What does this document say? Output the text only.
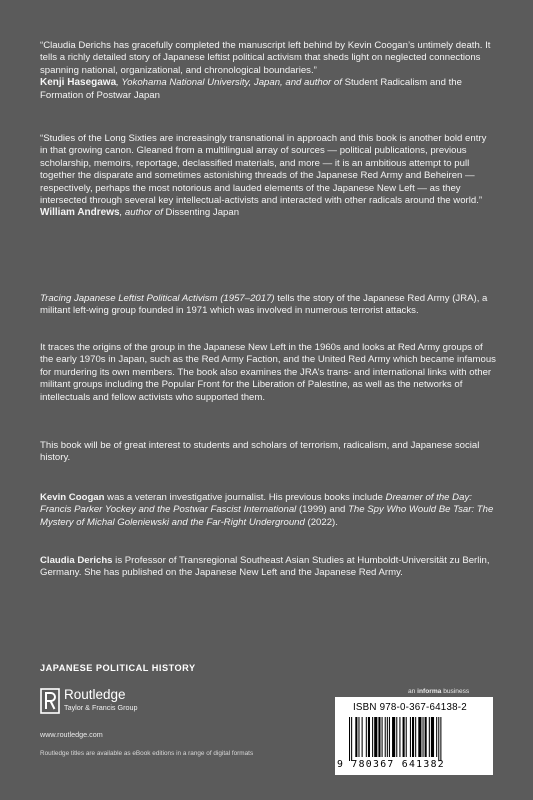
“Claudia Derichs has gracefully completed the manuscript left behind by Kevin Coogan’s untimely death. It tells a richly detailed story of Japanese leftist political activism that sheds light on neglected connections spanning national, organizational, and chronological boundaries.”
Kenji Hasegawa, Yokohama National University, Japan, and author of Student Radicalism and the Formation of Postwar Japan
“Studies of the Long Sixties are increasingly transnational in approach and this book is another bold entry in that growing canon. Gleaned from a multilingual array of sources — political publications, previous scholarship, memoirs, reportage, declassified materials, and more — it is an ambitious attempt to pull together the disparate and sometimes astonishing threads of the Japanese Red Army and Beheiren — respectively, perhaps the most notorious and lauded elements of the Japanese New Left — as they intersected through several key intellectual-activists and interacted with other radicals around the world.”
William Andrews, author of Dissenting Japan
Tracing Japanese Leftist Political Activism (1957–2017) tells the story of the Japanese Red Army (JRA), a militant left-wing group founded in 1971 which was involved in numerous terrorist attacks.
It traces the origins of the group in the Japanese New Left in the 1960s and looks at Red Army groups of the early 1970s in Japan, such as the Red Army Faction, and the United Red Army which became infamous for murdering its own members. The book also examines the JRA’s trans- and international links with other militant groups including the Popular Front for the Liberation of Palestine, as well as the networks of intellectuals and fellow activists who supported them.
This book will be of great interest to students and scholars of terrorism, radicalism, and Japanese social history.
Kevin Coogan was a veteran investigative journalist. His previous books include Dreamer of the Day: Francis Parker Yockey and the Postwar Fascist International (1999) and The Spy Who Would Be Tsar: The Mystery of Michal Goleniewski and the Far-Right Underground (2022).
Claudia Derichs is Professor of Transregional Southeast Asian Studies at Humboldt-Universität zu Berlin, Germany. She has published on the Japanese New Left and the Japanese Red Army.
JAPANESE POLITICAL HISTORY
Routledge
Taylor & Francis Group
www.routledge.com
Routledge titles are available as eBook editions in a range of digital formats
an informa business
ISBN 978-0-367-64138-2
9 780367 641382
